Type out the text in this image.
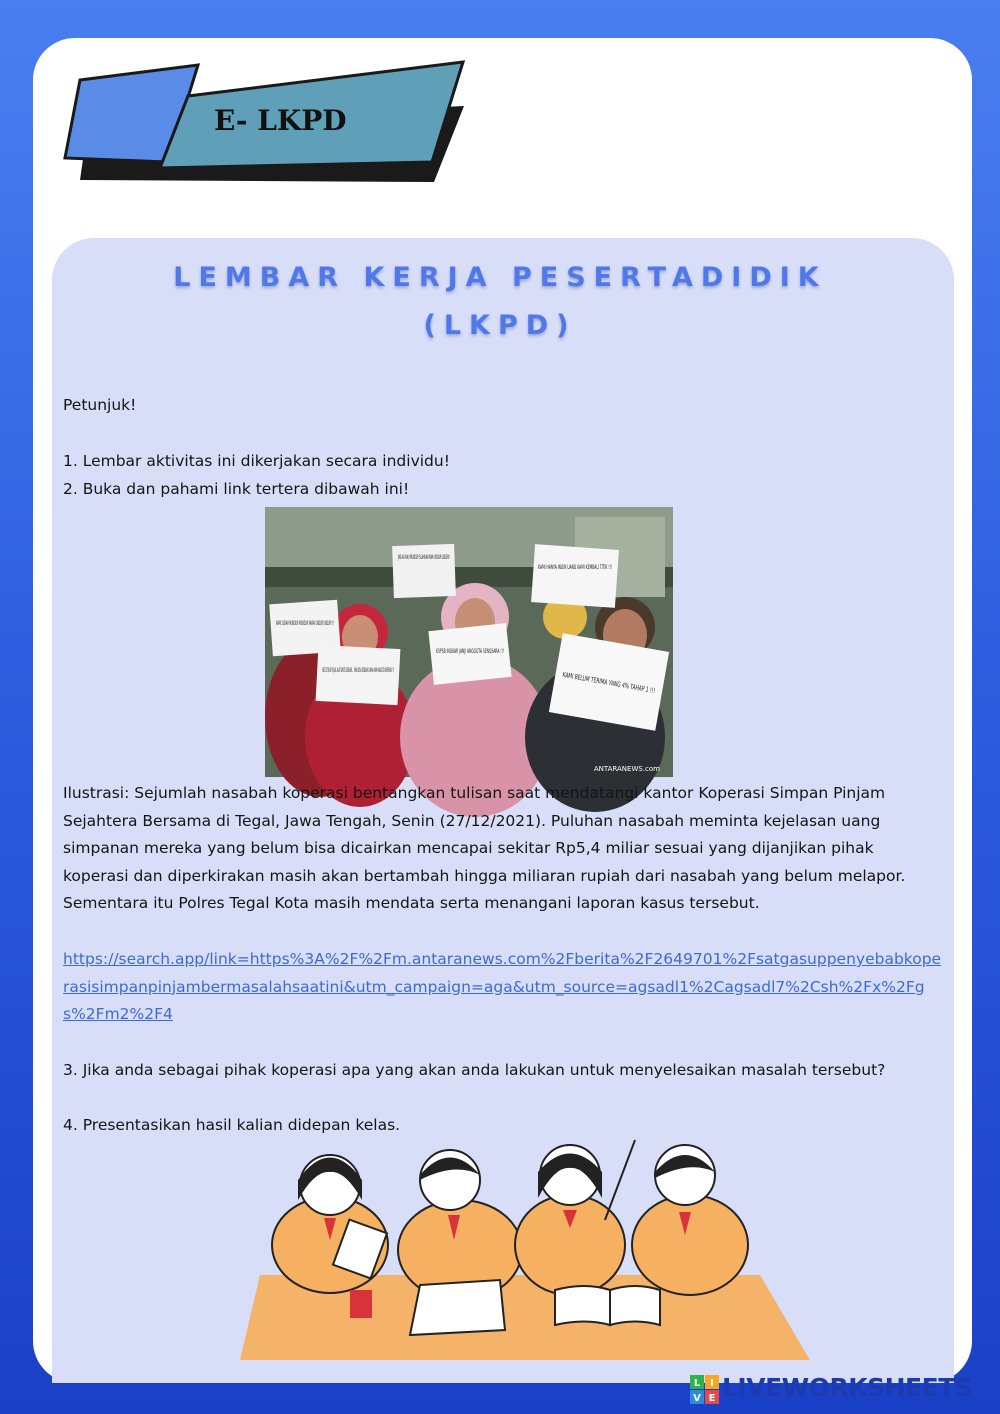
E- LKPD
LEMBAR KERJA PESERTADIDIK
(LKPD)

Petunjuk!

1. Lembar aktivitas ini dikerjakan secara individu!

2. Buka dan pahami link tertera dibawah ini!

JIKA KA MAU MUNDUR SILAHKAN KAMI UNDUR UNDUR!!
KAMI HANYA INGIN UANG KAMI KEMBALI TITIK !!!
KAMI SUDAH MUNDUR MUNDUR KAYAK UNDUR UNDUR !!!
085727363879 JUAL ALAT BANTU DENGAR... YANG BISA DENGAR SUARA KAMI ANGGOTA KOPERASI !!!
KSPSB INGKAR JANJI ANGGOTA SENGSARA !!!
KAMI BELUM TERIMA YANG 4% TAHAP 1 !!!
ANTARANEWS.com

Ilustrasi: Sejumlah nasabah koperasi bentangkan tulisan saat mendatangi kantor Koperasi Simpan Pinjam Sejahtera Bersama di Tegal, Jawa Tengah, Senin (27/12/2021). Puluhan nasabah meminta kejelasan uang simpanan mereka yang belum bisa dicairkan mencapai sekitar Rp5,4 miliar sesuai yang dijanjikan pihak koperasi dan diperkirakan masih akan bertambah hingga miliaran rupiah dari nasabah yang belum melapor. Sementara itu Polres Tegal Kota masih mendata serta menangani laporan kasus tersebut.

https://search.app/link=https%3A%2F%2Fm.antaranews.com%2Fberita%2F2649701%2Fsatgasuppenyebabkoperasisimpanpinjambermasalahsaatini&utm_campaign=aga&utm_source=agsadl1%2Cagsadl7%2Csh%2Fx%2Fgs%2Fm2%2F4

3. Jika anda sebagai pihak koperasi apa yang akan anda lakukan untuk menyelesaikan masalah tersebut?

4. Presentasikan hasil kalian didepan kelas.

L I
V E LIVEWORKSHEETS
